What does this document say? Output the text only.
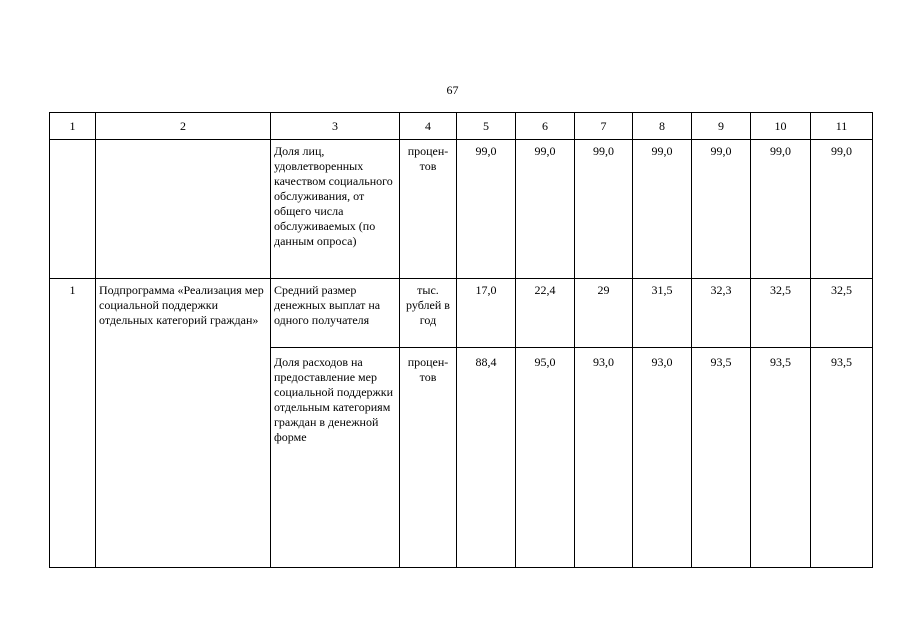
67
1	2	3	4	5	6	7	8	9	10	11
		Доля лиц, удовлетворенных качеством социального обслуживания, от общего числа обслуживаемых (по данным опроса)	процен-тов	99,0	99,0	99,0	99,0	99,0	99,0	99,0
1	Подпрограмма «Реализация мер социальной поддержки отдельных категорий граждан»	Средний размер денежных выплат на одного получателя	тыс. рублей в год	17,0	22,4	29	31,5	32,3	32,5	32,5
		Доля расходов на предоставление мер социальной поддержки отдельным категориям граждан в денежной форме	процен-тов	88,4	95,0	93,0	93,0	93,5	93,5	93,5
